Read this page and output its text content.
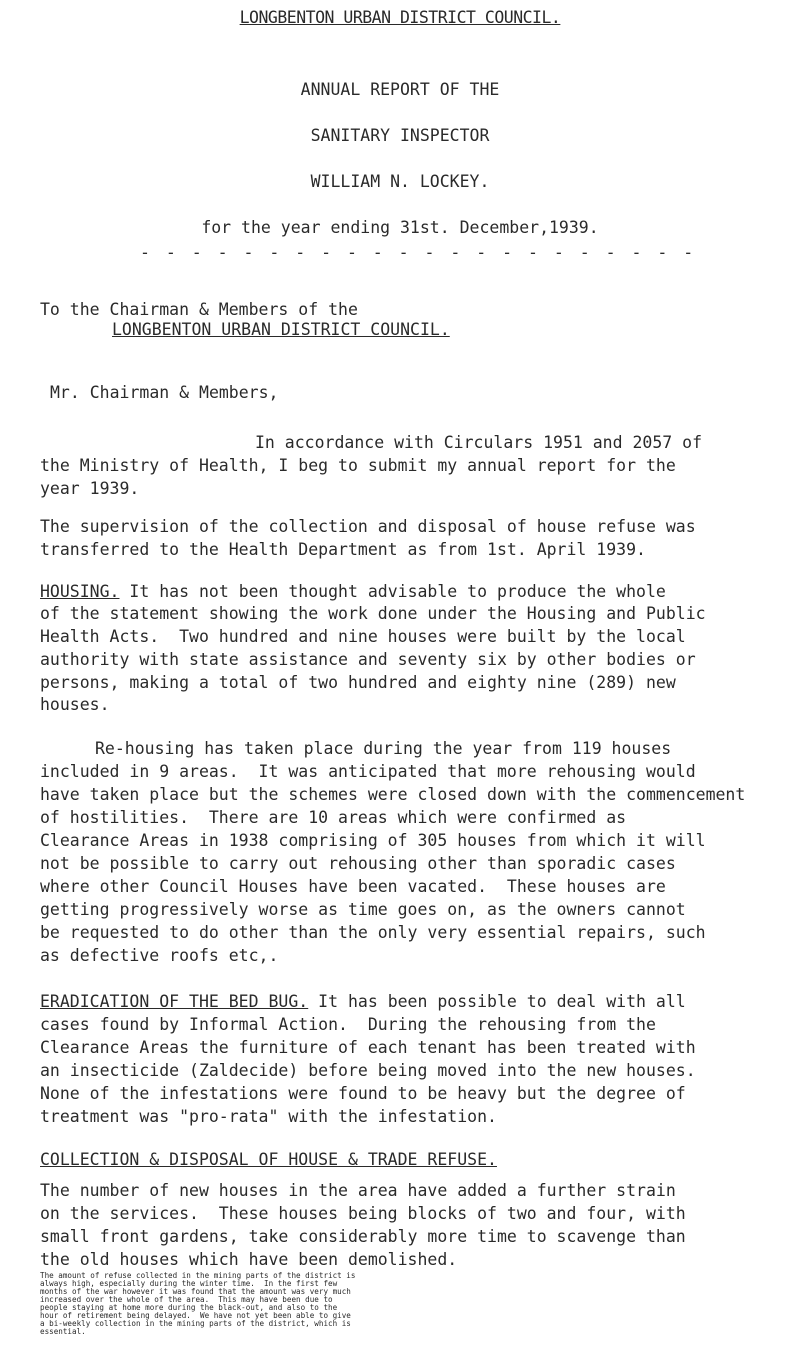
LONGBENTON URBAN DISTRICT COUNCIL.
ANNUAL REPORT OF THE
SANITARY INSPECTOR
WILLIAM N. LOCKEY.
for the year ending 31st. December,1939.
- - - - - - - - - - - - - - - - - - - - - -
To the Chairman & Members of the
LONGBENTON URBAN DISTRICT COUNCIL.
Mr. Chairman & Members,
In accordance with Circulars 1951 and 2057 of
the Ministry of Health, I beg to submit my annual report for the
year 1939.
The supervision of the collection and disposal of house refuse was
transferred to the Health Department as from 1st. April 1939.
HOUSING. It has not been thought advisable to produce the whole
of the statement showing the work done under the Housing and Public
Health Acts.  Two hundred and nine houses were built by the local
authority with state assistance and seventy six by other bodies or
persons, making a total of two hundred and eighty nine (289) new
houses.
Re-housing has taken place during the year from 119 houses
included in 9 areas.  It was anticipated that more rehousing would
have taken place but the schemes were closed down with the commencement
of hostilities.  There are 10 areas which were confirmed as
Clearance Areas in 1938 comprising of 305 houses from which it will
not be possible to carry out rehousing other than sporadic cases
where other Council Houses have been vacated.  These houses are
getting progressively worse as time goes on, as the owners cannot
be requested to do other than the only very essential repairs, such
as defective roofs etc,.
ERADICATION OF THE BED BUG. It has been possible to deal with all
cases found by Informal Action.  During the rehousing from the
Clearance Areas the furniture of each tenant has been treated with
an insecticide (Zaldecide) before being moved into the new houses.
None of the infestations were found to be heavy but the degree of
treatment was "pro-rata" with the infestation.
COLLECTION & DISPOSAL OF HOUSE & TRADE REFUSE.
The number of new houses in the area have added a further strain
on the services.  These houses being blocks of two and four, with
small front gardens, take considerably more time to scavenge than
the old houses which have been demolished.
The amount of refuse collected in the mining parts of the district is
always high, especially during the winter time.  In the first few
months of the war however it was found that the amount was very much
increased over the whole of the area.  This may have been due to
people staying at home more during the black-out, and also to the
hour of retirement being delayed.  We have not yet been able to give
a bi-weekly collection in the mining parts of the district, which is
essential.
